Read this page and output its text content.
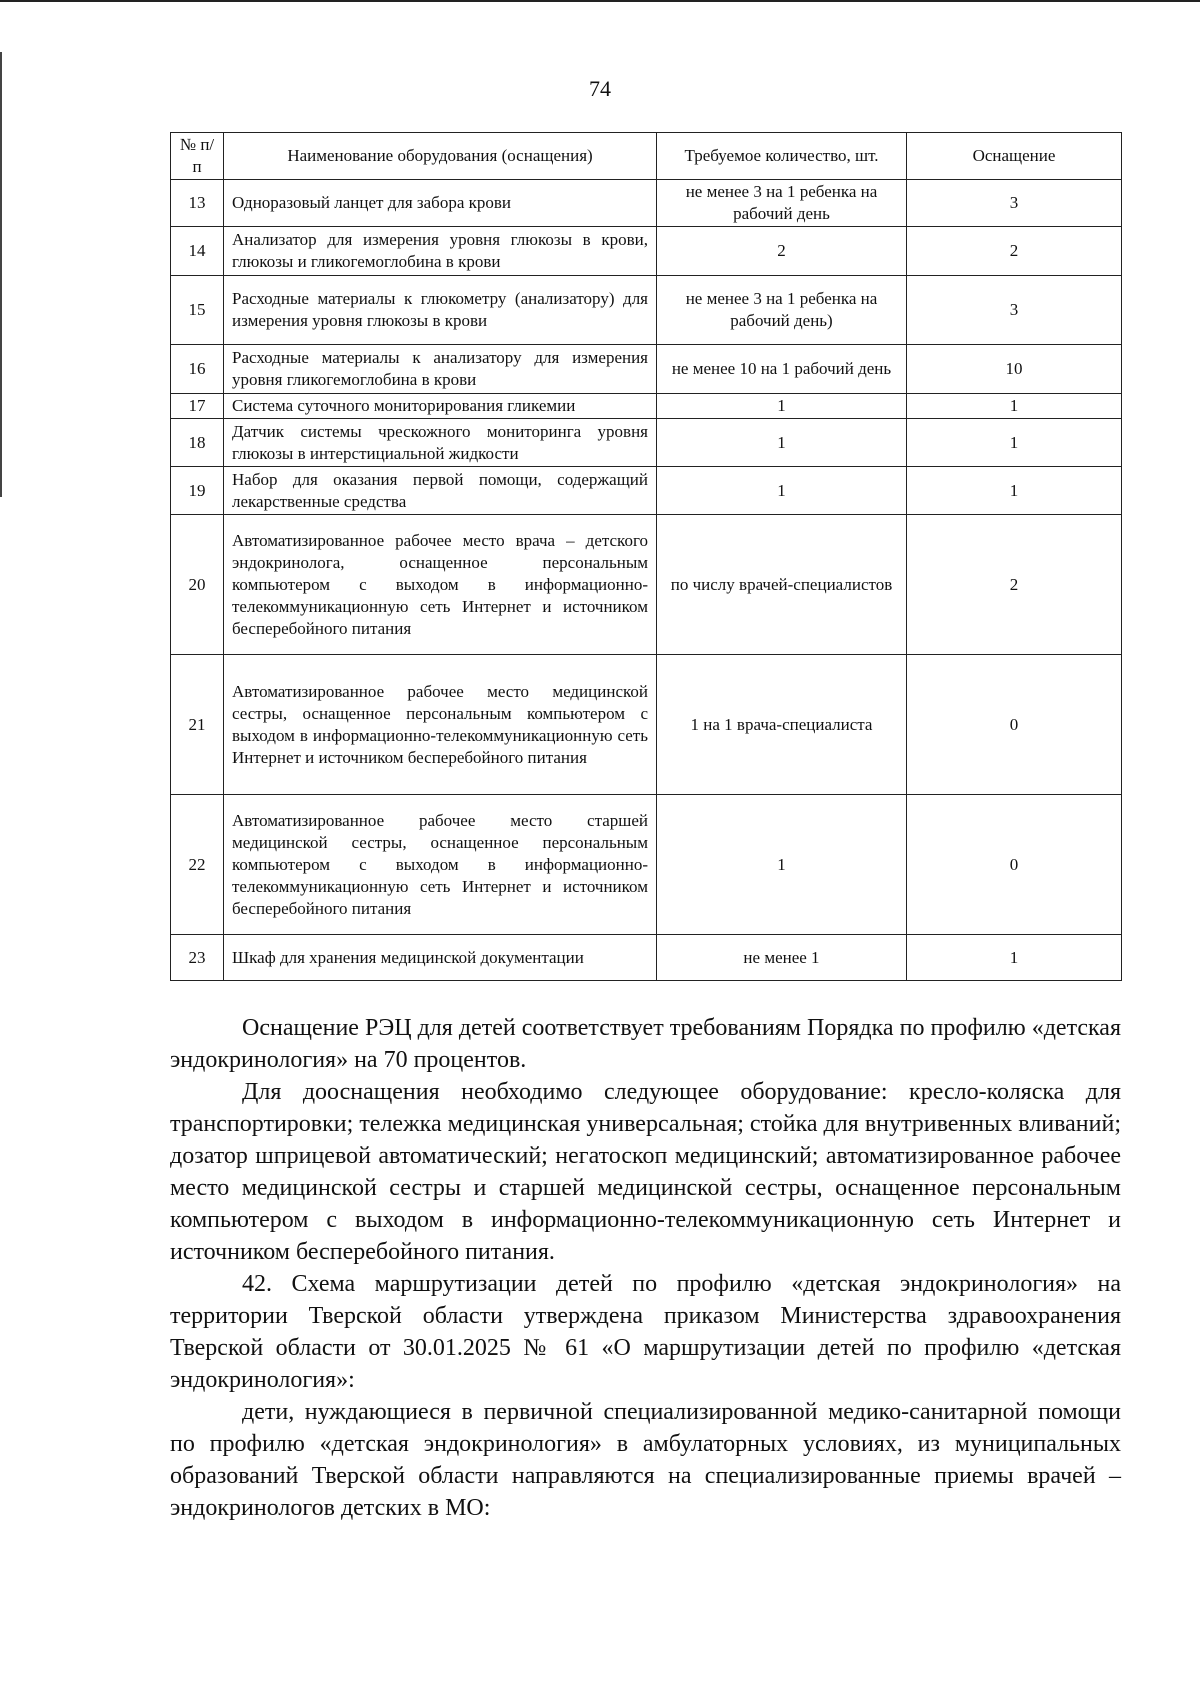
74
№ п/п	Наименование оборудования (оснащения)	Требуемое количество, шт.	Оснащение
13	Одноразовый ланцет для забора крови	не менее 3 на 1 ребенка на рабочий день	3
14	Анализатор для измерения уровня глюкозы в крови, глюкозы и гликогемоглобина в крови	2	2
15	Расходные материалы к глюкометру (анализатору) для измерения уровня глюкозы в крови	не менее 3 на 1 ребенка на рабочий день)	3
16	Расходные материалы к анализатору для измерения уровня гликогемоглобина в крови	не менее 10 на 1 рабочий день	10
17	Система суточного мониторирования гликемии	1	1
18	Датчик системы чрескожного мониторинга уровня глюкозы в интерстициальной жидкости	1	1
19	Набор для оказания первой помощи, содержащий лекарственные средства	1	1
20	Автоматизированное рабочее место врача – детского эндокринолога, оснащенное персональным компьютером с выходом в информационно-телекоммуникационную сеть Интернет и источником бесперебойного питания	по числу врачей-специалистов	2
21	Автоматизированное рабочее место медицинской сестры, оснащенное персональным компьютером с выходом в информационно-телекоммуникационную сеть Интернет и источником бесперебойного питания	1 на 1 врача-специалиста	0
22	Автоматизированное рабочее место старшей медицинской сестры, оснащенное персональным компьютером с выходом в информационно-телекоммуникационную сеть Интернет и источником бесперебойного питания	1	0
23	Шкаф для хранения медицинской документации	не менее 1	1

Оснащение РЭЦ для детей соответствует требованиям Порядка по профилю «детская эндокринология» на 70 процентов.

Для дооснащения необходимо следующее оборудование: кресло-коляска для транспортировки; тележка медицинская универсальная; стойка для внутривенных вливаний; дозатор шприцевой автоматический; негатоскоп медицинский; автоматизированное рабочее место медицинской сестры и старшей медицинской сестры, оснащенное персональным компьютером с выходом в информационно-телекоммуникационную сеть Интернет и источником бесперебойного питания.

42. Схема маршрутизации детей по профилю «детская эндокринология» на территории Тверской области утверждена приказом Министерства здравоохранения Тверской области от 30.01.2025 № 61 «О маршрутизации детей по профилю «детская эндокринология»:

дети, нуждающиеся в первичной специализированной медико-санитарной помощи по профилю «детская эндокринология» в амбулаторных условиях, из муниципальных образований Тверской области направляются на специализированные приемы врачей – эндокринологов детских в МО:
